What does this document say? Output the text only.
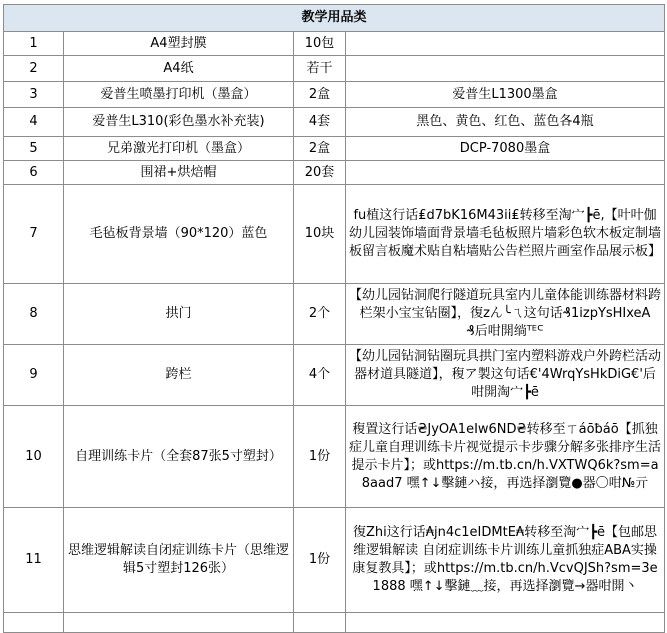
教学用品类			
1	A4塑封膜	10包	
2	A4纸	若干	
3	爱普生喷墨打印机（墨盒）	2盒	爱普生L1300墨盒
4	爱普生L310(彩色墨水补充装)	4套	黑色、黄色、红色、蓝色各4瓶
5	兄弟激光打印机（墨盒）	2盒	DCP-7080墨盒
6	围裙+烘焙帽	20套	
7	毛毡板背景墙（90*120）蓝色	10块	fu植这行话₤d7bK16M43ii₤转移至淘宀┣ē,【叶叶伽幼儿园装饰墙面背景墙毛毡板照片墙彩色软木板定制墙板留言板魔术贴自粘墙贴公告栏照片画室作品展示板】
8	拱门	2个	【幼儿园钻洞爬行隧道玩具室内儿童体能训练器材料跨栏架小宝宝钻圈】，復zん╰ㄟ这句话₰1izpYsHIxeA₰后咁開绱ᵀᴱᒼ
9	跨栏	4个	【幼儿园钻洞钻圈玩具拱门室内塑料游戏户外跨栏活动器材道具隧道】，稪ア製这句话€'4WrqYsHkDiG€'后咁開淘宀┣ē
10	自理训练卡片（全套87张5寸塑封）	1份	稪置这行话₴JyOA1eIw6ND₴转移至ㄒáōƀáō【抓独症儿童自理训练卡片视觉提示卡步骤分解多张排序生活提示卡片】；或https://m.tb.cn/h.VXTWQ6k?sm=a8aad7 嘿↑↓擊鏈ハ接，再选择瀏覽●器〇咁№亓
11	思维逻辑解读自闭症训练卡片（思维逻辑5寸塑封126张）	1份	復Zhi这行话₳jn4c1eIDMtE₳转移至淘宀┣ē【包邮思维逻辑解读 自闭症训练卡片训练儿童抓独症ABA实操康复教具】；或https://m.tb.cn/h.VcvQJSh?sm=3e1888 嘿↑↓擊鏈﹏接，再选择瀏覽→器咁開丶
